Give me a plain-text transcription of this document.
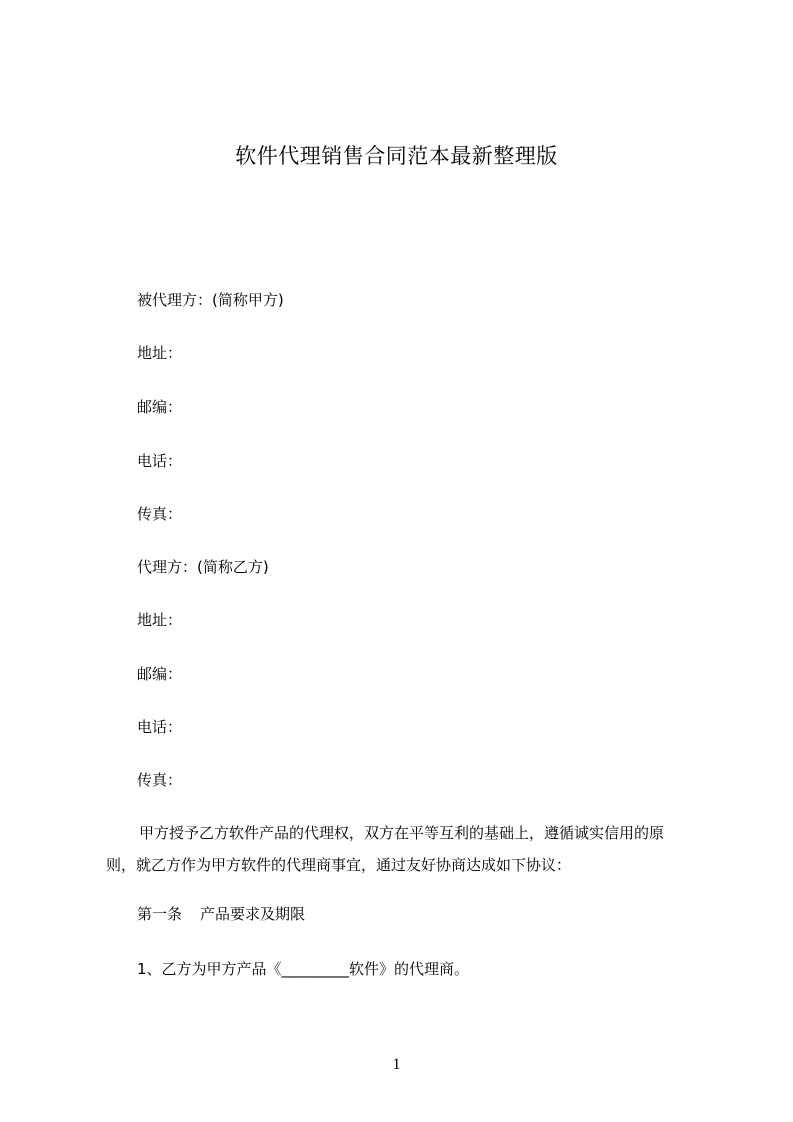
软件代理销售合同范本最新整理版
被代理方：(简称甲方)
地址：
邮编：
电话：
传真：
代理方：(简称乙方)
地址：
邮编：
电话：
传真：
甲方授予乙方软件产品的代理权，双方在平等互利的基础上，遵循诚实信用的原
则，就乙方作为甲方软件的代理商事宜，通过友好协商达成如下协议：
第一条 产品要求及期限
1、乙方为甲方产品《_________软件》的代理商。
1
